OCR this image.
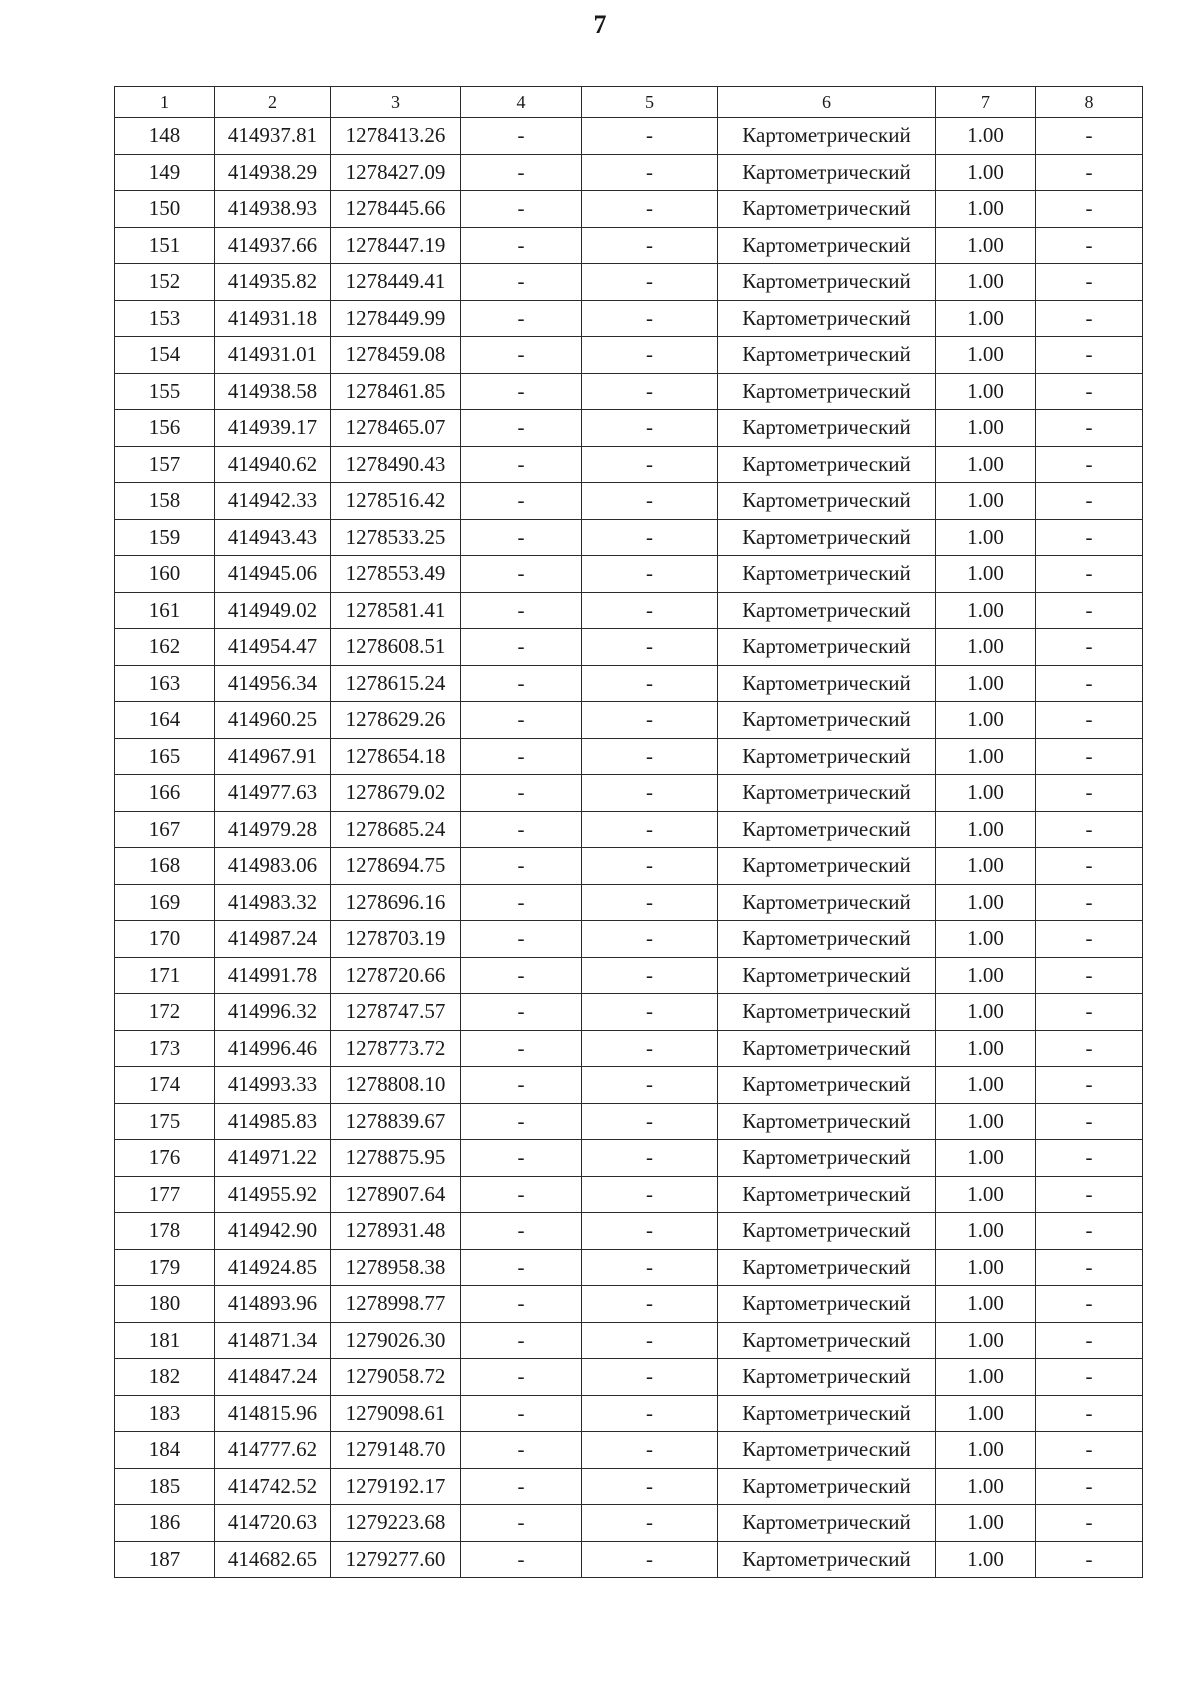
7
1	2	3	4	5	6	7	8
148	414937.81	1278413.26	-	-	Картометрический	1.00	-
149	414938.29	1278427.09	-	-	Картометрический	1.00	-
150	414938.93	1278445.66	-	-	Картометрический	1.00	-
151	414937.66	1278447.19	-	-	Картометрический	1.00	-
152	414935.82	1278449.41	-	-	Картометрический	1.00	-
153	414931.18	1278449.99	-	-	Картометрический	1.00	-
154	414931.01	1278459.08	-	-	Картометрический	1.00	-
155	414938.58	1278461.85	-	-	Картометрический	1.00	-
156	414939.17	1278465.07	-	-	Картометрический	1.00	-
157	414940.62	1278490.43	-	-	Картометрический	1.00	-
158	414942.33	1278516.42	-	-	Картометрический	1.00	-
159	414943.43	1278533.25	-	-	Картометрический	1.00	-
160	414945.06	1278553.49	-	-	Картометрический	1.00	-
161	414949.02	1278581.41	-	-	Картометрический	1.00	-
162	414954.47	1278608.51	-	-	Картометрический	1.00	-
163	414956.34	1278615.24	-	-	Картометрический	1.00	-
164	414960.25	1278629.26	-	-	Картометрический	1.00	-
165	414967.91	1278654.18	-	-	Картометрический	1.00	-
166	414977.63	1278679.02	-	-	Картометрический	1.00	-
167	414979.28	1278685.24	-	-	Картометрический	1.00	-
168	414983.06	1278694.75	-	-	Картометрический	1.00	-
169	414983.32	1278696.16	-	-	Картометрический	1.00	-
170	414987.24	1278703.19	-	-	Картометрический	1.00	-
171	414991.78	1278720.66	-	-	Картометрический	1.00	-
172	414996.32	1278747.57	-	-	Картометрический	1.00	-
173	414996.46	1278773.72	-	-	Картометрический	1.00	-
174	414993.33	1278808.10	-	-	Картометрический	1.00	-
175	414985.83	1278839.67	-	-	Картометрический	1.00	-
176	414971.22	1278875.95	-	-	Картометрический	1.00	-
177	414955.92	1278907.64	-	-	Картометрический	1.00	-
178	414942.90	1278931.48	-	-	Картометрический	1.00	-
179	414924.85	1278958.38	-	-	Картометрический	1.00	-
180	414893.96	1278998.77	-	-	Картометрический	1.00	-
181	414871.34	1279026.30	-	-	Картометрический	1.00	-
182	414847.24	1279058.72	-	-	Картометрический	1.00	-
183	414815.96	1279098.61	-	-	Картометрический	1.00	-
184	414777.62	1279148.70	-	-	Картометрический	1.00	-
185	414742.52	1279192.17	-	-	Картометрический	1.00	-
186	414720.63	1279223.68	-	-	Картометрический	1.00	-
187	414682.65	1279277.60	-	-	Картометрический	1.00	-
